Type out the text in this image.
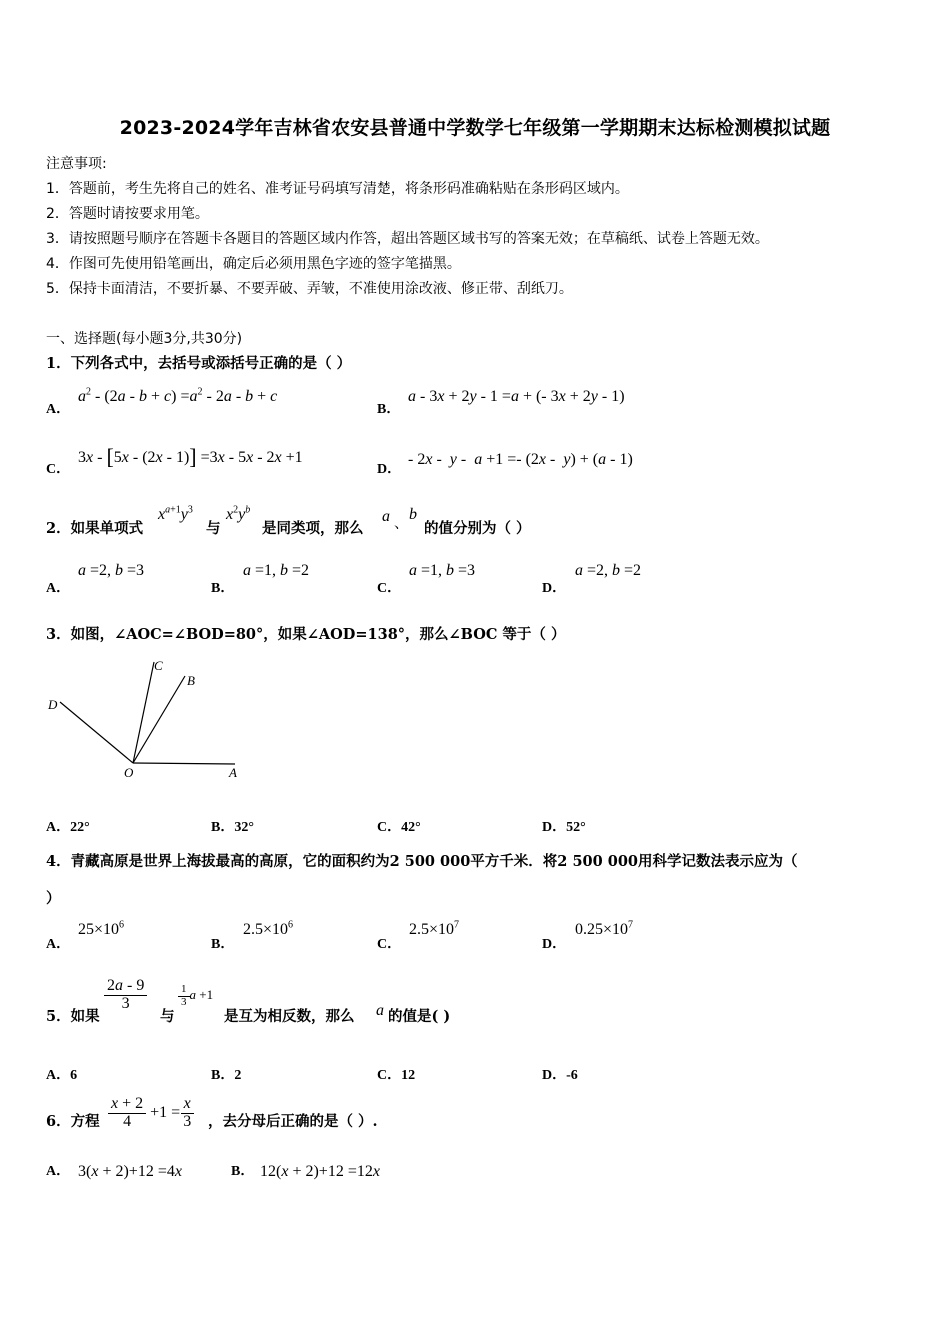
2023-2024学年吉林省农安县普通中学数学七年级第一学期期末达标检测模拟试题
注意事项:
1．答题前，考生先将自己的姓名、准考证号码填写清楚，将条形码准确粘贴在条形码区域内。
2．答题时请按要求用笔。
3．请按照题号顺序在答题卡各题目的答题区域内作答，超出答题区域书写的答案无效；在草稿纸、试卷上答题无效。
4．作图可先使用铅笔画出，确定后必须用黑色字迹的签字笔描黑。
5．保持卡面清洁，不要折暴、不要弄破、弄皱，不准使用涂改液、修正带、刮纸刀。
一、选择题(每小题3分,共30分)
1．下列各式中，去括号或添括号正确的是（ ）
A．
$a^2 - (2a - b + c) =a^2 - 2a - b + c$
B．
a - 3x + 2y - 1 =a + (- 3x + 2y - 1)
C．
3x - [5x - (2x - 1)] =3x - 5x - 2x +1
D．
- 2x -  y -  a +1 =- (2x -  y) + (a - 1)
2．如果单项式
$x^{a+1}y^3$
与
$x^2y^b$
是同类项，那么
a 、
b
的值分别为（ ）
A．
a =2, b =3
B．
a =1, b =2
C．
a =1, b =3
D．
a =2, b =2
3．如图，∠AOC=∠BOD=80°，如果∠AOD=138°，那么∠BOC 等于（ ）
C
B
D
O	A
A．22°	B．32°	C．42°	D．52°
4．青藏高原是世界上海拔最高的高原，它的面积约为2 500 000平方千米．将2 500 000用科学记数法表示应为（
）
A．
$25\times 10^6$
B．
$2.5\times 10^6$
C．
$2.5\times 10^7$
D．
$0.25\times 10^7$
5．如果
$\frac{2a - 9}{3}$
与
$\frac{1}{3}$ a +1
是互为相反数，那么 a 的值是( )
A．6	B．2	C．12	D．-6
6．方程 $\frac{x + 2}{4} +1 = \frac{x}{3}$ ，去分母后正确的是（ ）.
A． 3(x + 2)+12 =4x	B． 12(x + 2)+12 =12x
